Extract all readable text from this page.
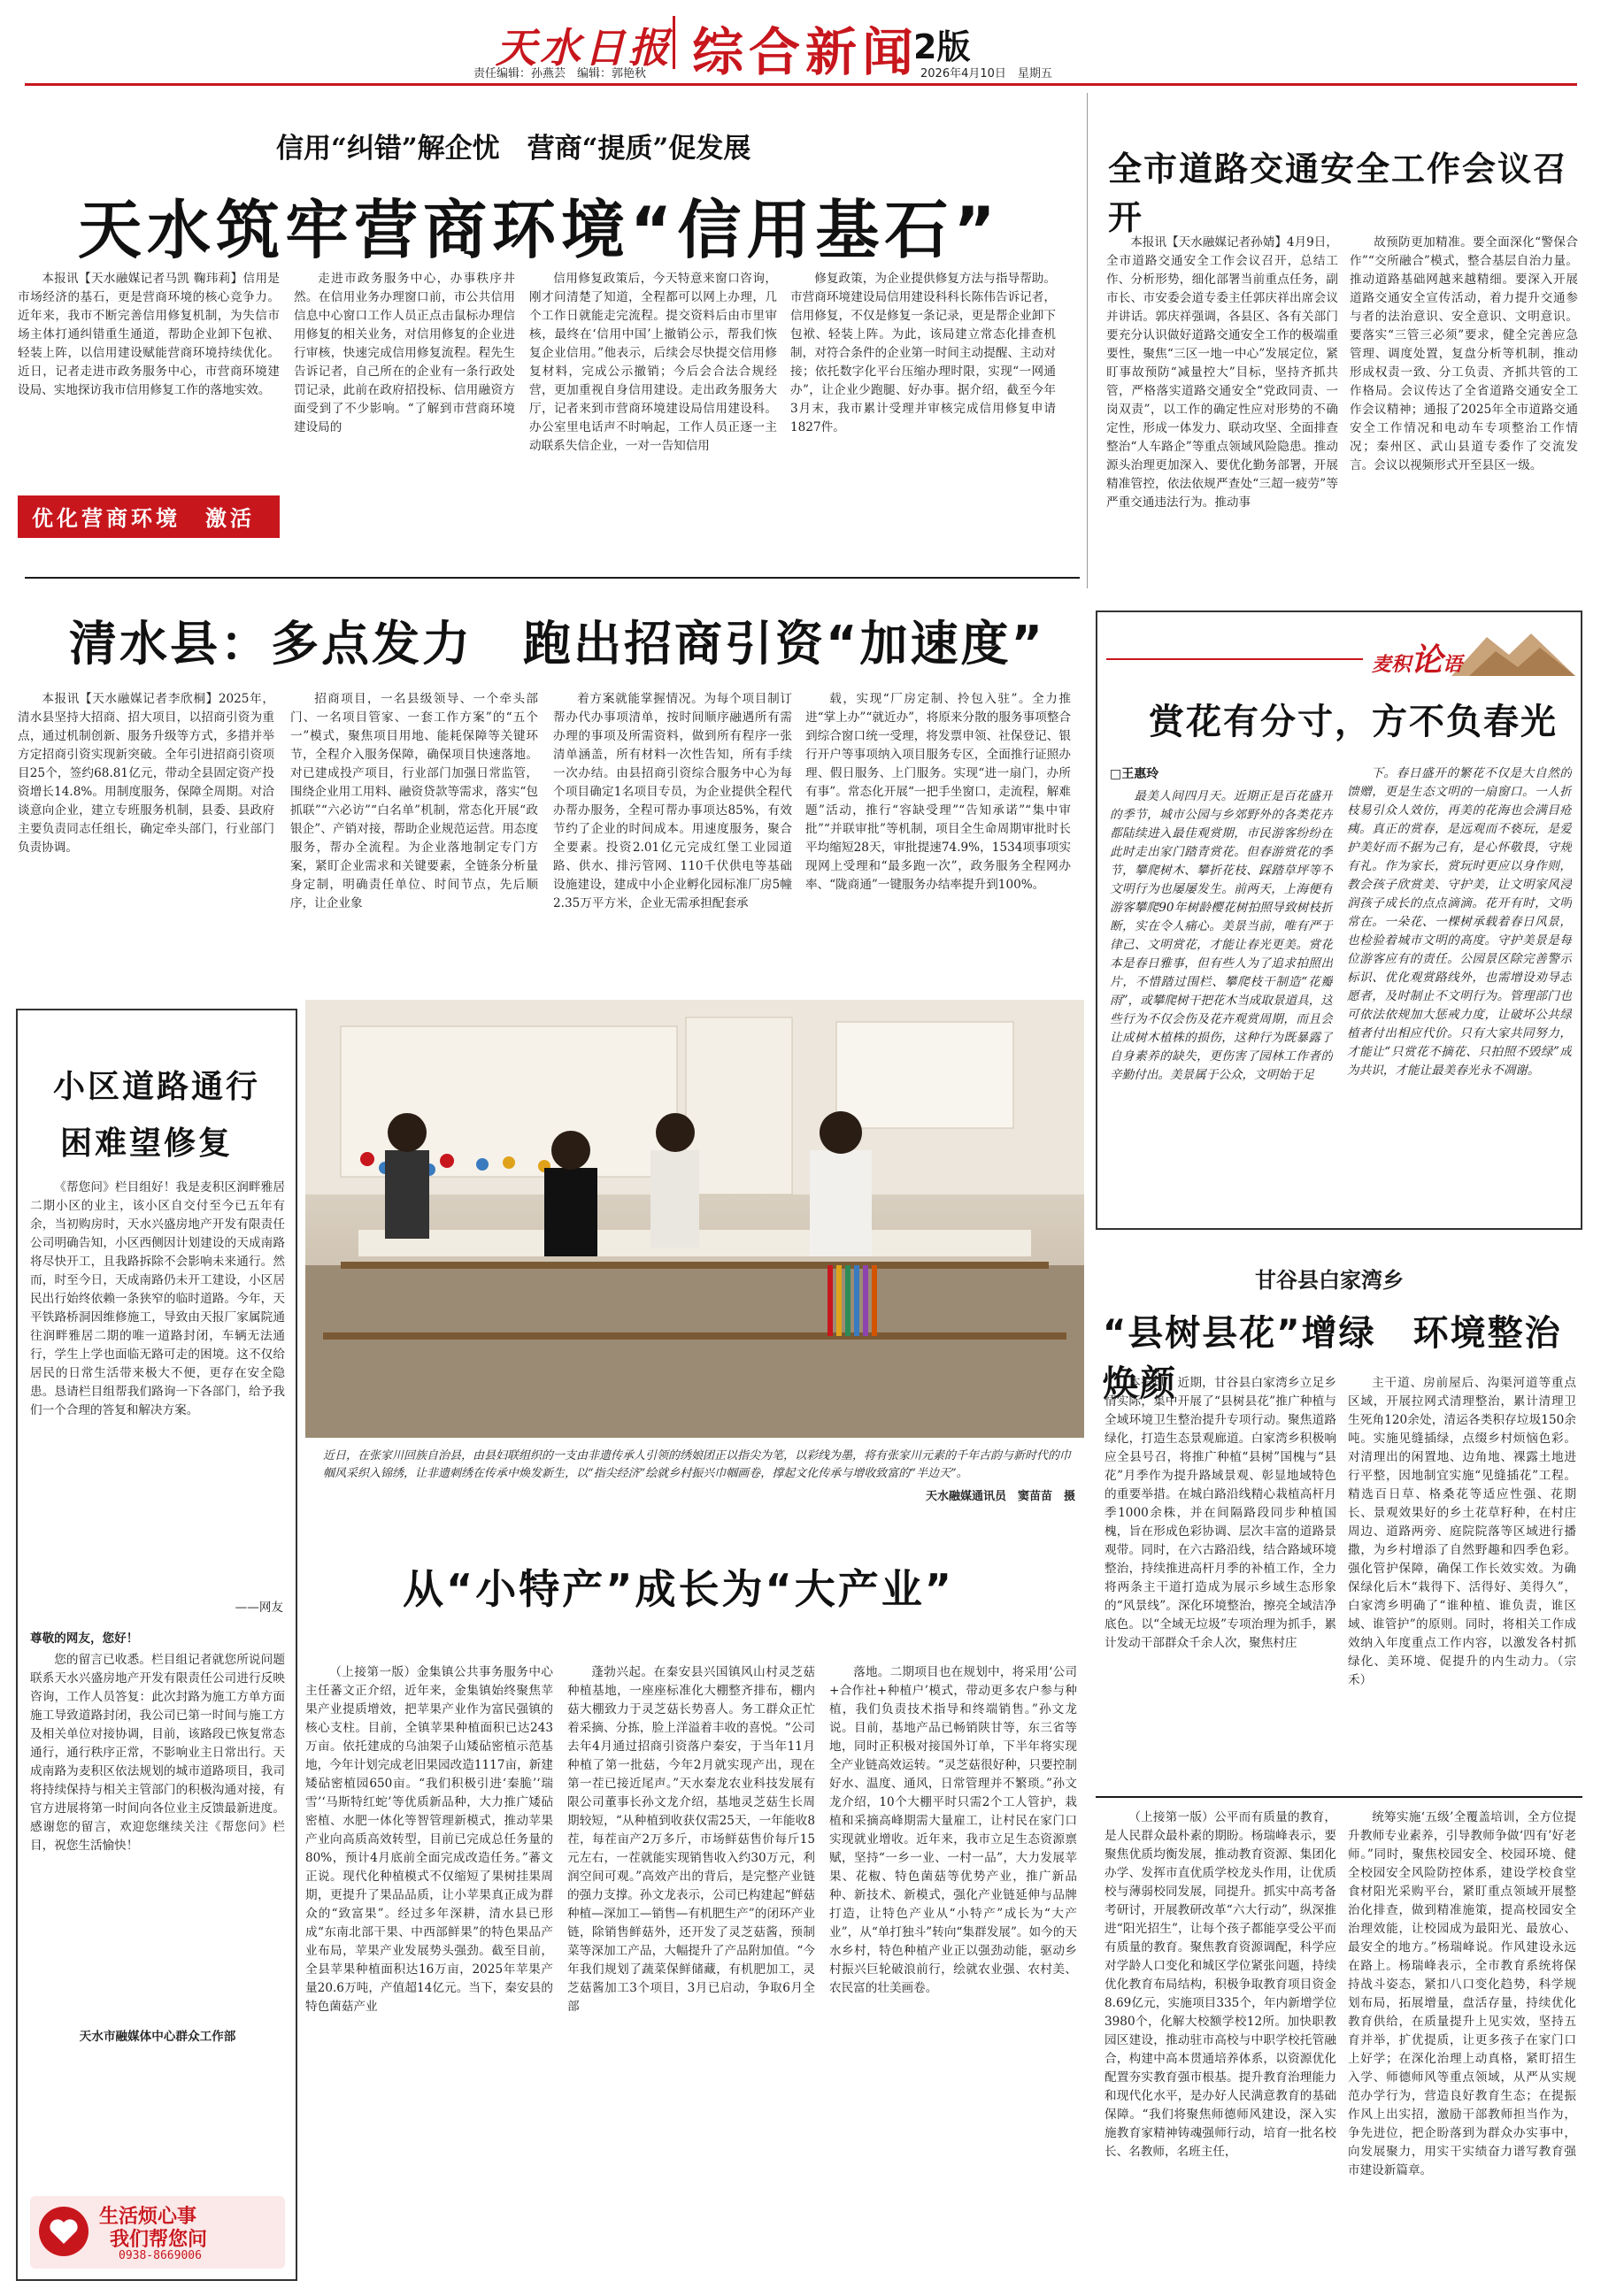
天水日报 综合新闻
2版
责任编辑：孙燕芸　编辑：郭艳秋	2026年4月10日　星期五
信用“纠错”解企忧　营商“提质”促发展
天水筑牢营商环境“信用基石”

本报讯【天水融媒记者马凯 鞠玮莉】信用是市场经济的基石，更是营商环境的核心竞争力。近年来，我市不断完善信用修复机制，为失信市场主体打通纠错重生通道，帮助企业卸下包袱、轻装上阵，以信用建设赋能营商环境持续优化。近日，记者走进市政务服务中心，市营商环境建设局、实地探访我市信用修复工作的落地实效。

走进市政务服务中心，办事秩序井然。在信用业务办理窗口前，市公共信用信息中心窗口工作人员正点击鼠标办理信用修复的相关业务，对信用修复的企业进行审核，快速完成信用修复流程。程先生告诉记者，自己所在的企业有一条行政处罚记录，此前在政府招投标、信用融资方面受到了不少影响。“了解到市营商环境建设局的

信用修复政策后，今天特意来窗口咨询，刚才问清楚了知道，全程都可以网上办理，几个工作日就能走完流程。提交资料后由市里审核，最终在‘信用中国’上撤销公示，帮我们恢复企业信用。”他表示，后续会尽快提交信用修复材料，完成公示撤销；今后会合法合规经营，更加重视自身信用建设。走出政务服务大厅，记者来到市营商环境建设局信用建设科。办公室里电话声不时响起，工作人员正逐一主动联系失信企业，一对一告知信用

修复政策，为企业提供修复方法与指导帮助。市营商环境建设局信用建设科科长陈伟告诉记者，信用修复，不仅是修复一条记录，更是帮企业卸下包袱、轻装上阵。为此，该局建立常态化排查机制，对符合条件的企业第一时间主动提醒、主动对接；依托数字化平台压缩办理时限，实现“一网通办”，让企业少跑腿、好办事。据介绍，截至今年3月末，我市累计受理并审核完成信用修复申请1827件。

优化营商环境　激活发展动能
全市道路交通安全工作会议召开

本报讯【天水融媒记者孙婧】4月9日，全市道路交通安全工作会议召开，总结工作、分析形势，细化部署当前重点任务，副市长、市安委会道专委主任郭庆祥出席会议并讲话。郭庆祥强调，各县区、各有关部门要充分认识做好道路交通安全工作的极端重要性，聚焦“三区一地一中心”发展定位，紧盯事故预防“减量控大”目标，坚持齐抓共管，严格落实道路交通安全“党政同责、一岗双责”，以工作的确定性应对形势的不确定性，形成一体发力、联动攻坚、全面排查整治“人车路企”等重点领域风险隐患。推动源头治理更加深入、要优化勤务部署，开展精准管控，依法依规严查处“三超一疲劳”等严重交通违法行为。推动事

故预防更加精准。要全面深化“警保合作”“交所融合”模式，整合基层自治力量。推动道路基础网越来越精细。要深入开展道路交通安全宣传活动，着力提升交通参与者的法治意识、安全意识、文明意识。要落实“三管三必须”要求，健全完善应急管理、调度处置，复盘分析等机制，推动形成权责一致、分工负责、齐抓共管的工作格局。会议传达了全省道路交通安全工作会议精神；通报了2025年全市道路交通安全工作情况和电动车专项整治工作情况；秦州区、武山县道专委作了交流发言。会议以视频形式开至县区一级。

清水县：多点发力　跑出招商引资“加速度”

本报讯【天水融媒记者李欣桐】2025年，清水县坚持大招商、招大项目，以招商引资为重点，通过机制创新、服务升级等方式，多措并举方定招商引资实现新突破。全年引进招商引资项目25个，签约68.81亿元，带动全县固定资产投资增长14.8%。用制度服务，保障全周期。对洽谈意向企业，建立专班服务机制，县委、县政府主要负责同志任组长，确定牵头部门，行业部门负责协调。

招商项目，一名县级领导、一个牵头部门、一名项目管家、一套工作方案”的“五个一”模式，聚焦项目用地、能耗保障等关键环节，全程介入服务保障，确保项目快速落地。对已建成投产项目，行业部门加强日常监管，围绕企业用工用料、融资贷款等需求，落实“包抓联”“六必访”“白名单”机制，常态化开展“政银企”、产销对接，帮助企业规范运营。用态度服务，帮办全流程。为企业落地制定专门方案，紧盯企业需求和关键要素，全链条分析量身定制，明确责任单位、时间节点，先后顺序，让企业象

着方案就能掌握情况。为每个项目制订帮办代办事项清单，按时间顺序融遇所有需办理的事项及所需资料，做到所有程序一张清单涵盖，所有材料一次性告知，所有手续一次办结。由县招商引资综合服务中心为每个项目确定1名项目专员，为企业提供全程代办帮办服务，全程可帮办事项达85%，有效节约了企业的时间成本。用速度服务，聚合全要素。投资2.01亿元完成红堡工业园道路、供水、排污管网、110千伏供电等基础设施建设，建成中小企业孵化园标准厂房5幢2.35万平方米，企业无需承担配套承

载，实现“厂房定制、拎包入驻”。全力推进“掌上办”“就近办”，将原来分散的服务事项整合到综合窗口统一受理，将发票申领、社保登记、银行开户等事项纳入项目服务专区，全面推行证照办理、假日服务、上门服务。实现“进一扇门，办所有事”。常态化开展“一把手坐窗口，走流程，解难题”活动，推行“容缺受理”“告知承诺”“集中审批”“并联审批”等机制，项目全生命周期审批时长平均缩短28天，审批提速74.9%，1534项事项实现网上受理和“最多跑一次”，政务服务全程网办率、“陇商通”一键服务办结率提升到100%。

麦积论语
赏花有分寸，方不负春光
□王惠玲

最美人间四月天。近期正是百花盛开的季节，城市公园与乡郊野外的各类花卉都陆续进入最佳观赏期，市民游客纷纷在此时走出家门踏青赏花。但春游赏花的季节，攀爬树木、攀折花枝、踩踏草坪等不文明行为也屡屡发生。前两天，上海便有游客攀爬90年树龄樱花树拍照导致树枝折断，实在令人痛心。美景当前，唯有严于律己、文明赏花，才能让春光更美。赏花本是春日雅事，但有些人为了追求拍照出片，不惜踏过围栏、攀爬枝干制造“花瓣雨”，或攀爬树干把花木当成取景道具，这些行为不仅会伤及花卉观赏周期，而且会让成树木植株的损伤，这种行为既暴露了自身素养的缺失，更伤害了园林工作者的辛勤付出。美景属于公众，文明始于足

下。春日盛开的繁花不仅是大自然的馈赠，更是生态文明的一扇窗口。一人折枝易引众人效仿，再美的花海也会满目疮痍。真正的赏春，是远观而不亵玩，是爱护美好而不据为己有，是心怀敬畏，守规有礼。作为家长，赏玩时更应以身作则，教会孩子欣赏美、守护美，让文明家风浸润孩子成长的点点滴滴。花开有时，文明常在。一朵花、一棵树承载着春日风景，也检验着城市文明的高度。守护美景是每位游客应有的责任。公园景区除完善警示标识、优化观赏路线外，也需增设劝导志愿者，及时制止不文明行为。管理部门也可依法依规加大惩戒力度，让破坏公共绿植者付出相应代价。只有大家共同努力，才能让“只赏花不摘花、只拍照不毁绿”成为共识，才能让最美春光永不凋谢。

近日，在张家川回族自治县，由县妇联组织的一支由非遗传承人引领的绣娘团正以指尖为笔，以彩线为墨，将有张家川元素的千年古韵与新时代的巾帼风采织入锦绣，让非遗刺绣在传承中焕发新生，以“指尖经济”绘就乡村振兴巾帼画卷，撑起文化传承与增收致富的“半边天”。
天水融媒通讯员　窦苗苗　摄
小区道路通行
困难望修复

《帮您问》栏目组好！我是麦积区润畔雅居二期小区的业主，该小区自交付至今已五年有余，当初购房时，天水兴盛房地产开发有限责任公司明确告知，小区西侧因计划建设的天成南路将尽快开工，且我路拆除不会影响未来通行。然而，时至今日，天成南路仍未开工建设，小区居民出行始终依赖一条狭窄的临时道路。今年，天平铁路桥洞因维修施工，导致由天报厂家属院通往润畔雅居二期的唯一道路封闭，车辆无法通行，学生上学也面临无路可走的困境。这不仅给居民的日常生活带来极大不便，更存在安全隐患。恳请栏目组帮我们路询一下各部门，给予我们一个合理的答复和解决方案。

——网友
尊敬的网友，您好！

您的留言已收悉。栏目组记者就您所说问题联系天水兴盛房地产开发有限责任公司进行反映咨询，工作人员答复：此次封路为施工方单方面施工导致道路封闭，我公司已第一时间与施工方及相关单位对接协调，目前，该路段已恢复常态通行，通行秩序正常，不影响业主日常出行。天成南路为麦积区依法规划的城市道路项目，我司将持续保持与相关主管部门的积极沟通对接，有官方进展将第一时间向各位业主反馈最新进度。感谢您的留言，欢迎您继续关注《帮您问》栏目，祝您生活愉快！

天水市融媒体中心群众工作部
生活烦心事
我们帮您问
0938-8669006
甘谷县白家湾乡
“县树县花”增绿　环境整治焕颜

本报讯　近期，甘谷县白家湾乡立足乡情实际，集中开展了“县树县花”推广种植与全域环境卫生整治提升专项行动。聚焦道路绿化，打造生态景观廊道。白家湾乡积极响应全县号召，将推广种植“县树”国槐与“县花”月季作为提升路域景观、彰显地域特色的重要举措。在城白路沿线精心栽植高杆月季1000余株，并在间隔路段同步种植国槐，旨在形成色彩协调、层次丰富的道路景观带。同时，在六古路沿线，结合路域环境整治，持续推进高杆月季的补植工作，全力将两条主干道打造成为展示乡域生态形象的“风景线”。深化环境整治，擦亮全域洁净底色。以“全域无垃圾”专项治理为抓手，累计发动干部群众千余人次，聚焦村庄

主干道、房前屋后、沟渠河道等重点区域，开展拉网式清理整治，累计清理卫生死角120余处，清运各类积存垃圾150余吨。实施见缝插绿，点缀乡村烦恼色彩。对清理出的闲置地、边角地、裸露土地进行平整，因地制宜实施“见缝插花”工程。精选百日草、格桑花等适应性强、花期长、景观效果好的乡土花草籽种，在村庄周边、道路两旁、庭院院落等区域进行播撒，为乡村增添了自然野趣和四季色彩。强化管护保障，确保工作长效实效。为确保绿化后木“栽得下、活得好、美得久”，白家湾乡明确了“谁种植、谁负责，谁区域、谁管护”的原则。同时，将相关工作成效纳入年度重点工作内容，以激发各村抓绿化、美环境、促提升的内生动力。（宗禾）

从“小特产”成长为“大产业”

（上接第一版）金集镇公共事务服务中心主任蕃文正介绍，近年来，金集镇始终聚焦苹果产业提质增效，把苹果产业作为富民强镇的核心支柱。目前，全镇苹果种植面积已达243万亩。依托建成的乌油架子山矮砧密植示范基地，今年计划完成老旧果园改造1117亩，新建矮砧密植园650亩。“我们积极引进‘秦脆’‘瑞雪’‘马斯特红蛇’等优质新品种，大力推广矮砧密植、水肥一体化等智管理新模式，推动苹果产业向高质高效转型，目前已完成总任务量的80%，预计4月底前全面完成改造任务。”蕃文正说。现代化种植模式不仅缩短了果树挂果周期，更提升了果品品质，让小苹果真正成为群众的“致富果”。经过多年深耕，清水县已形成“东南北部干果、中西部鲜果”的特色果品产业布局，苹果产业发展势头强劲。截至目前，全县苹果种植面积达16万亩，2025年苹果产量20.6万吨，产值超14亿元。当下，秦安县的特色菌菇产业

蓬勃兴起。在秦安县兴国镇风山村灵芝菇种植基地，一座座标准化大棚整齐排布，棚内菇大棚致力于灵芝菇长势喜人。务工群众正忙着采摘、分拣，脸上洋溢着丰收的喜悦。“公司去年4月通过招商引资落户秦安，于当年11月种植了第一批菇，今年2月就实现产出，现在第一茬已接近尾声。”天水秦龙农业科技发展有限公司董事长孙文龙介绍，基地灵芝菇生长周期较短，“从种植到收获仅需25天，一年能收8茬，每茬亩产2万多斤，市场鲜菇售价每斤15元左右，一茬就能实现销售收入约30万元，利润空间可观。”高效产出的背后，是完整产业链的强力支撑。孙文龙表示，公司已构建起“鲜菇种植—深加工—销售—有机肥生产”的闭环产业链，除销售鲜菇外，还开发了灵芝菇酱，预制菜等深加工产品，大幅提升了产品附加值。“今年我们规划了蔬菜保鲜储藏，有机肥加工，灵芝菇酱加工3个项目，3月已启动，争取6月全部

落地。二期项目也在规划中，将采用‘公司+合作社+种植户’模式，带动更多农户参与种植，我们负责技术指导和终端销售。”孙文龙说。目前，基地产品已畅销陕甘等，东三省等地，同时正积极对接国外订单，下半年将实现全产业链高效运转。“灵芝菇很好种，只要控制好水、温度、通风，日常管理并不繁琐。”孙文龙介绍，10个大棚平时只需2个工人管护，栽植和采摘高峰期需大量雇工，让村民在家门口实现就业增收。近年来，我市立足生态资源禀赋，坚持“一乡一业、一村一品”，大力发展苹果、花椒、特色菌菇等优势产业，推广新品种、新技术、新模式，强化产业链延伸与品牌打造，让特色产业从“小特产”成长为“大产业”，从“单打独斗”转向“集群发展”。如今的天水乡村，特色种植产业正以强劲动能，驱动乡村振兴巨轮破浪前行，绘就农业强、农村美、农民富的壮美画卷。

（上接第一版）公平而有质量的教育，是人民群众最朴素的期盼。杨瑞峰表示，要聚焦优质均衡发展，推动教育资源、集团化办学、发挥市直优质学校龙头作用，让优质校与薄弱校同发展，同提升。抓实中高考备考研讨，开展教研改革“六大行动”，纵深推进“阳光招生”，让每个孩子都能享受公平而有质量的教育。聚焦教育资源调配，科学应对学龄人口变化和城区学位紧张问题，持续优化教育布局结构，积极争取教育项目资金8.69亿元，实施项目335个，年内新增学位3980个，化解大校额学校12所。加快职教园区建设，推动驻市高校与中职学校托管融合，构建中高本贯通培养体系，以资源优化配置夯实教育强市根基。提升教育治理能力和现代化水平，是办好人民满意教育的基础保障。“我们将聚焦师德师风建设，深入实施教育家精神铸魂强师行动，培育一批名校长、名教师，名班主任，

统筹实施‘五级’全覆盖培训，全方位提升教师专业素养，引导教师争做‘四有’好老师。”同时，聚焦校园安全、校园环境、健全校园安全风险防控体系，建设学校食堂食材阳光采购平台，紧盯重点领域开展整治化排查，做到精准施策，提高校园安全治理效能，让校园成为最阳光、最放心、最安全的地方。”杨瑞峰说。作风建设永远在路上。杨瑞峰表示，全市教育系统将保持战斗姿态，紧扣八口变化趋势，科学规划布局，拓展增量，盘活存量，持续优化教育供给，在质量提升上见实效，坚持五育并举，扩优提质，让更多孩子在家门口上好学；在深化治理上动真格，紧盯招生入学、师德师风等重点领域，从严从实规范办学行为，营造良好教育生态；在提振作风上出实招，激励干部教师担当作为，争先进位，把企盼落到为群众办实事中，向发展聚力，用实干实绩奋力谱写教育强市建设新篇章。
